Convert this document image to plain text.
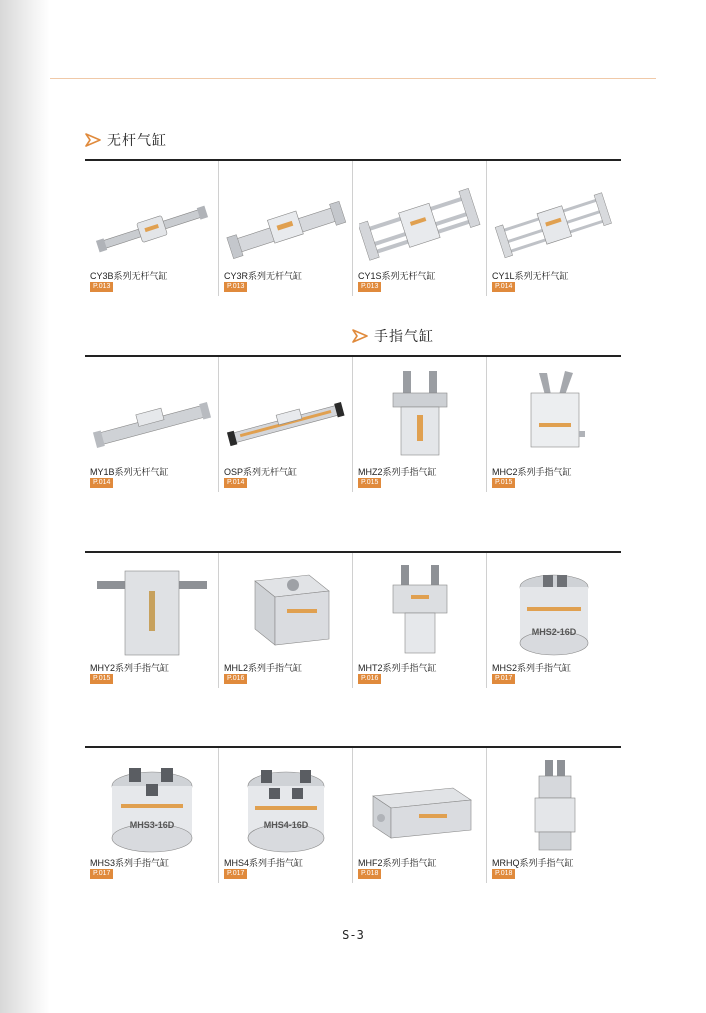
无杆气缸
CY3B系列无杆气缸
P.013
CY3R系列无杆气缸
P.013
CY1S系列无杆气缸
P.013
CY1L系列无杆气缸
P.014
手指气缸
MY1B系列无杆气缸
P.014
OSP系列无杆气缸
P.014
MHZ2系列手指气缸
P.015
MHC2系列手指气缸
P.015
MHY2系列手指气缸
P.015
MHL2系列手指气缸
P.016
MHT2系列手指气缸
P.016
MHS2-16D
MHS2系列手指气缸
P.017
MHS3-16D
MHS3系列手指气缸
P.017
MHS4-16D
MHS4系列手指气缸
P.017
MHF2系列手指气缸
P.018
MRHQ系列手指气缸
P.018
S-3
